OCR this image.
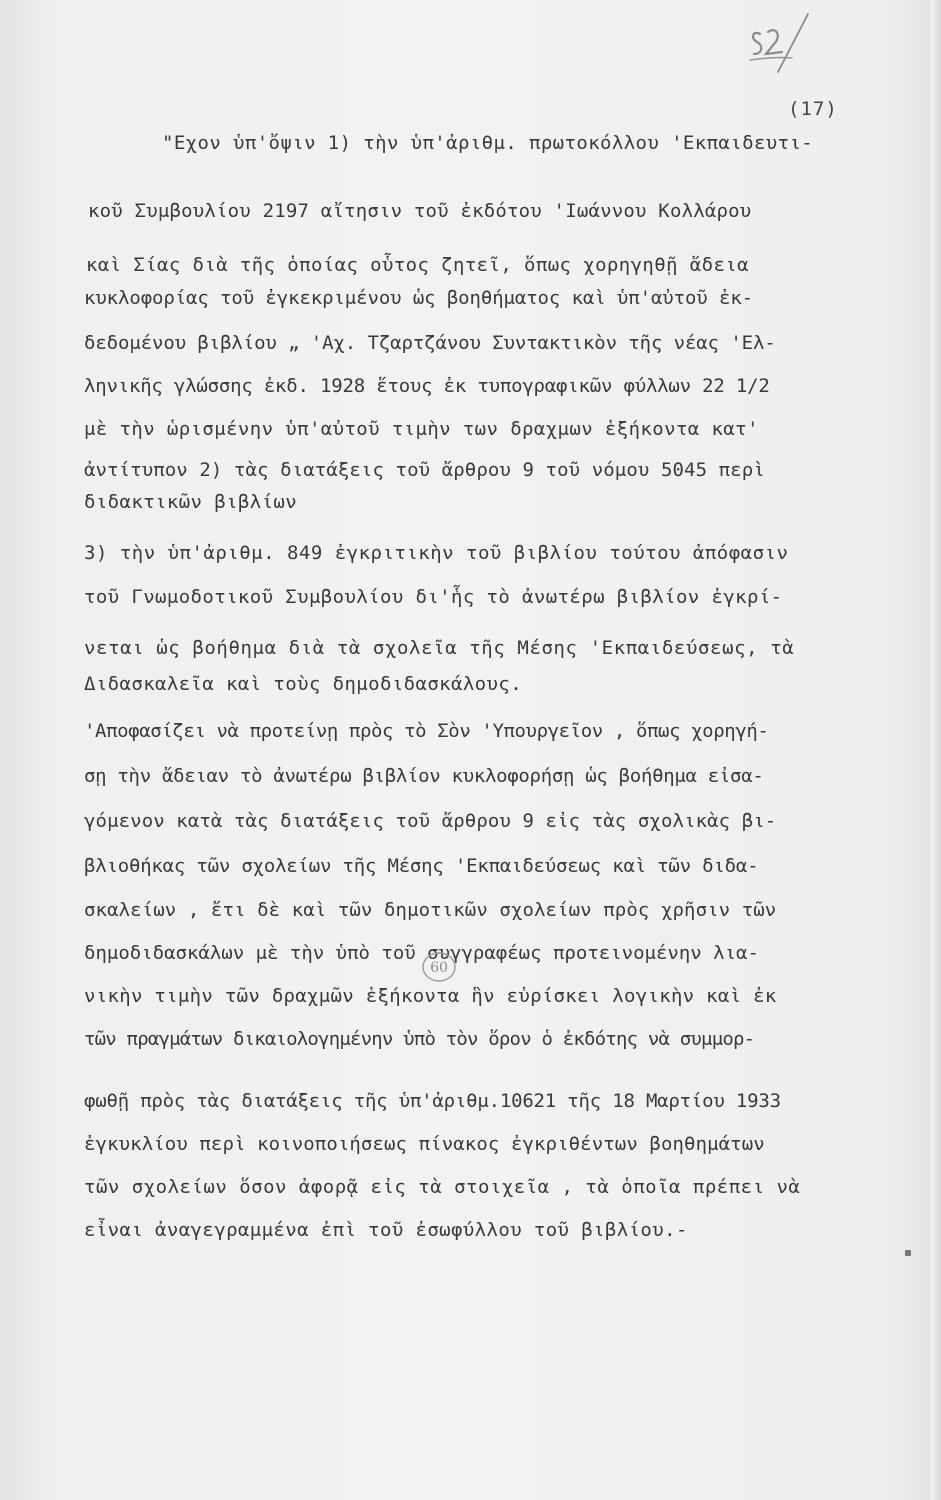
(17)
"Εχον ὑπ'ὄψιν 1) τὴν ὑπ'ἀριθμ. πρωτοκόλλου 'Εκπαιδευτι-
κοῦ Συμβουλίου 2197 αἴτησιν τοῦ ἐκδότου 'Ιωάννου Κολλάρου
καὶ Σίας διὰ τῆς ὁποίας οὗτος ζητεῖ, ὅπως χορηγηθῇ ἄδεια
κυκλοφορίας τοῦ ἐγκεκριμένου ὡς βοηθήματος καὶ ὑπ'αὐτοῦ ἐκ-
δεδομένου βιβλίου „ 'Αχ. Τζαρτζάνου Συντακτικὸν τῆς νέας 'Ελ-
ληνικῆς γλώσσης ἐκδ. 1928 ἔτους ἐκ τυπογραφικῶν φύλλων 22 1/2
μὲ τὴν ὡρισμένην ὑπ'αὐτοῦ τιμὴν των δραχμων ἑξήκοντα κατ'
ἀντίτυπον 2) τὰς διατάξεις τοῦ ἄρθρου 9 τοῦ νόμου 5045 περὶ
διδακτικῶν βιβλίων
3) τὴν ὑπ'ἀριθμ. 849 ἐγκριτικὴν τοῦ βιβλίου τούτου ἀπόφασιν
τοῦ Γνωμοδοτικοῦ Συμβουλίου δι'ἧς τὸ ἀνωτέρω βιβλίον ἐγκρί-
νεται ὡς βοήθημα διὰ τὰ σχολεῖα τῆς Μέσης 'Εκπαιδεύσεως, τὰ
Διδασκαλεῖα καὶ τοὺς δημοδιδασκάλους.
'Αποφασίζει νὰ προτείνῃ πρὸς τὸ Σὸν 'Υπουργεῖον , ὅπως χορηγή-
σῃ τὴν ἄδειαν τὸ ἀνωτέρω βιβλίον κυκλοφορήσῃ ὡς βοήθημα εἰσα-
γόμενον κατὰ τὰς διατάξεις τοῦ ἄρθρου 9 εἰς τὰς σχολικὰς βι-
βλιοθήκας τῶν σχολείων τῆς Μέσης 'Εκπαιδεύσεως καὶ τῶν διδα-
σκαλείων , ἔτι δὲ καὶ τῶν δημοτικῶν σχολείων πρὸς χρῆσιν τῶν
δημοδιδασκάλων μὲ τὴν ὑπὸ τοῦ συγγραφέως προτεινομένην λια-
νικὴν τιμὴν τῶν δραχμῶν ἑξήκοντα ἣν εὑρίσκει λογικὴν καὶ ἐκ
τῶν πραγμάτων δικαιολογημένην ὑπὸ τὸν ὅρον ὁ ἐκδότης νὰ συμμορ-
φωθῇ πρὸς τὰς διατάξεις τῆς ὑπ'ἀριθμ.10621 τῆς 18 Μαρτίου 1933
ἐγκυκλίου περὶ κοινοποιήσεως πίνακος ἐγκριθέντων βοηθημάτων
τῶν σχολείων ὅσον ἀφορᾷ εἰς τὰ στοιχεῖα , τὰ ὁποῖα πρέπει νὰ
εἶναι ἀναγεγραμμένα ἐπὶ τοῦ ἐσωφύλλου τοῦ βιβλίου.-
60
